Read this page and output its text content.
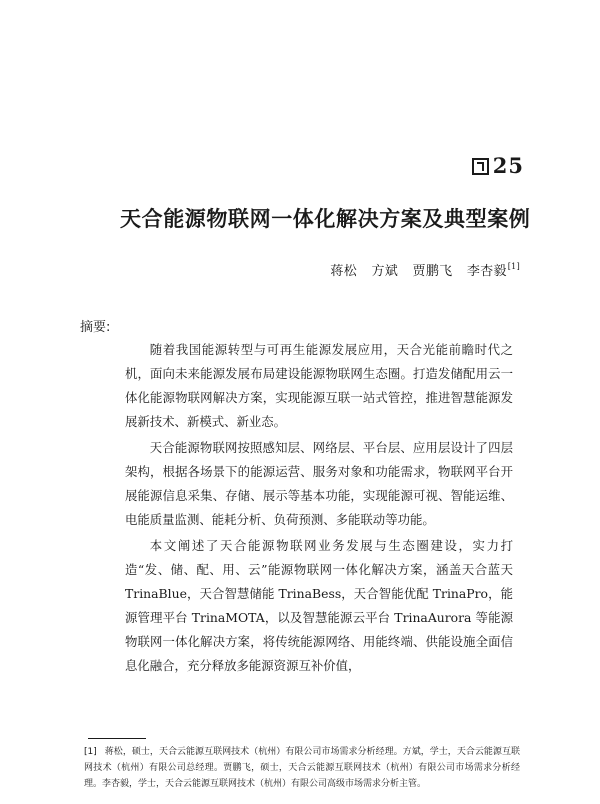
25
天合能源物联网一体化解决方案及典型案例
蒋松 方斌 贾鹏飞 李杏毅[1]
摘要:

随着我国能源转型与可再生能源发展应用，天合光能前瞻时代之机，面向未来能源发展布局建设能源物联网生态圈。打造发储配用云一体化能源物联网解决方案，实现能源互联一站式管控，推进智慧能源发展新技术、新模式、新业态。

天合能源物联网按照感知层、网络层、平台层、应用层设计了四层架构，根据各场景下的能源运营、服务对象和功能需求，物联网平台开展能源信息采集、存储、展示等基本功能，实现能源可视、智能运维、电能质量监测、能耗分析、负荷预测、多能联动等功能。

本文阐述了天合能源物联网业务发展与生态圈建设，实力打造“发、储、配、用、云”能源物联网一体化解决方案，涵盖天合蓝天 TrinaBlue，天合智慧储能 TrinaBess，天合智能优配 TrinaPro，能源管理平台 TrinaMOTA，以及智慧能源云平台 TrinaAurora 等能源物联网一体化解决方案，将传统能源网络、用能终端、供能设施全面信息化融合，充分释放多能源资源互补价值，

[1] 蒋松，硕士，天合云能源互联网技术（杭州）有限公司市场需求分析经理。方斌，学士，天合云能源互联网技术（杭州）有限公司总经理。贾鹏飞，硕士，天合云能源互联网技术（杭州）有限公司市场需求分析经理。李杏毅，学士，天合云能源互联网技术（杭州）有限公司高级市场需求分析主管。
